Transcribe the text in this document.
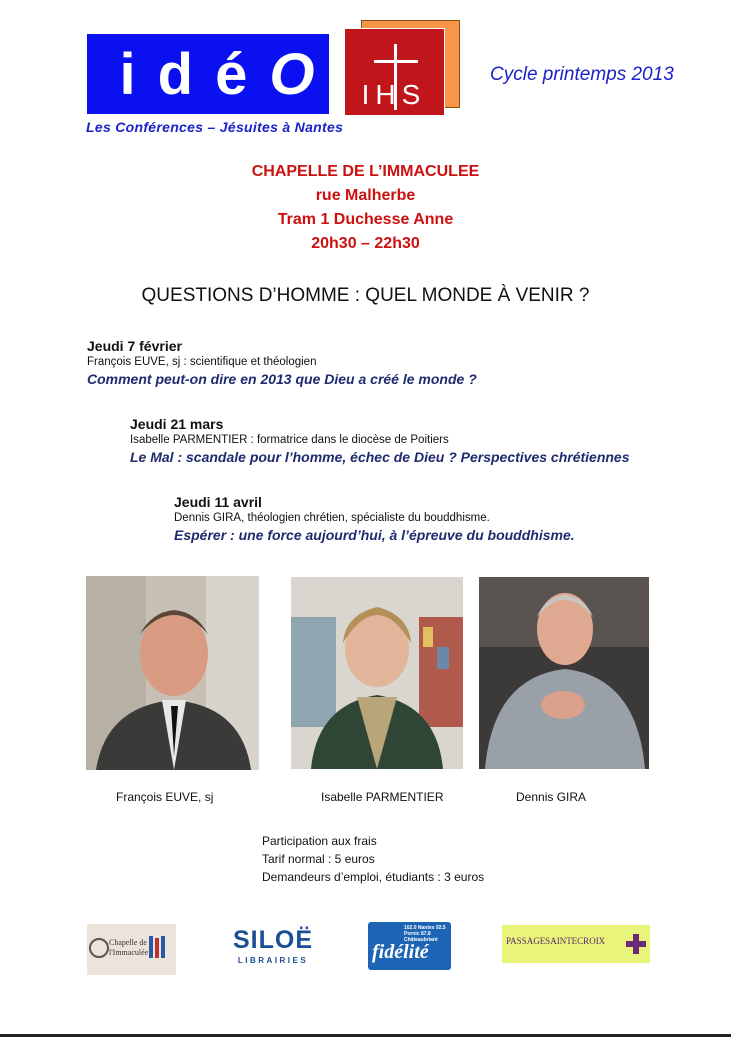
idé O	IHS
Les Conférences – Jésuites à Nantes
Cycle printemps 2013
CHAPELLE DE L’IMMACULEE
rue Malherbe
Tram 1 Duchesse Anne
20h30 – 22h30
QUESTIONS D’HOMME : QUEL MONDE À VENIR ?
Jeudi 7 février
François EUVE, sj : scientifique et théologien
Comment peut-on dire en 2013 que Dieu a créé le monde ?
Jeudi 21 mars
Isabelle PARMENTIER : formatrice dans le diocèse de Poitiers
Le Mal : scandale pour l’homme, échec de Dieu ? Perspectives chrétiennes
Jeudi 11 avril
Dennis GIRA, théologien chrétien, spécialiste du bouddhisme.
Espérer : une force aujourd’hui, à l’épreuve du bouddhisme.
François EUVE, sj	Isabelle PARMENTIER	Dennis GIRA
Participation aux frais
Tarif normal : 5 euros
Demandeurs d’emploi, étudiants : 3 euros
Chapelle de l'Immaculée	SILOË
LIBRAIRIES
102.0 Nantes 92.5 Pornic 87.8 Châteaubriant
fidélité	PASSAGESAINTECROIX
